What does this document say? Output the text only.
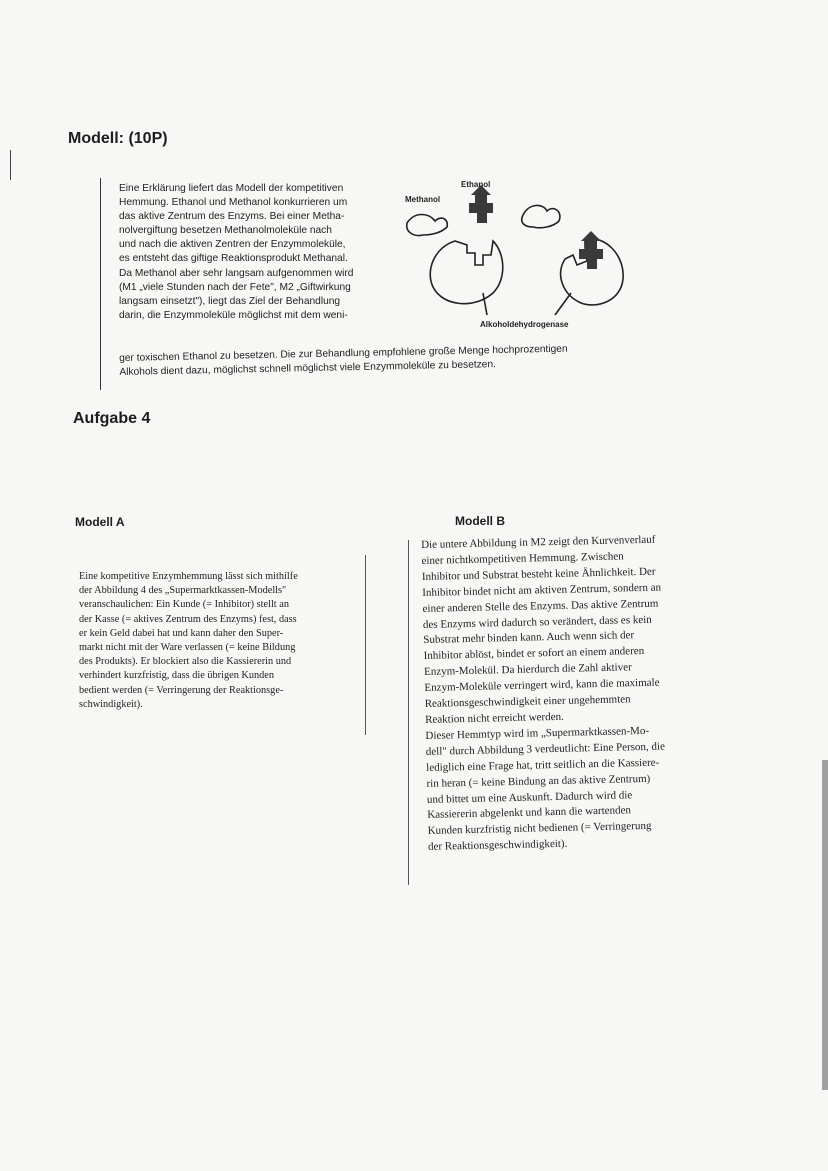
Modell: (10P)

Eine Erklärung liefert das Modell der kompetitiven
Hemmung. Ethanol und Methanol konkurrieren um
das aktive Zentrum des Enzyms. Bei einer Metha-
nolvergiftung besetzen Methanolmoleküle nach
und nach die aktiven Zentren der Enzymmoleküle,
es entsteht das giftige Reaktionsprodukt Methanal.
Da Methanol aber sehr langsam aufgenommen wird
(M1 „viele Stunden nach der Fete", M2 „Giftwirkung
langsam einsetzt"), liegt das Ziel der Behandlung
darin, die Enzymmoleküle möglichst mit dem weni-

ger toxischen Ethanol zu besetzen. Die zur Behandlung empfohlene große Menge hochprozentigen
Alkohols dient dazu, möglichst schnell möglichst viele Enzymmoleküle zu besetzen.

Ethanol
Methanol
Alkoholdehydrogenase
Aufgabe 4
Modell A

Eine kompetitive Enzymhemmung lässt sich mithilfe
der Abbildung 4 des „Supermarktkassen-Modells"
veranschaulichen: Ein Kunde (= Inhibitor) stellt an
der Kasse (= aktives Zentrum des Enzyms) fest, dass
er kein Geld dabei hat und kann daher den Super-
markt nicht mit der Ware verlassen (= keine Bildung
des Produkts). Er blockiert also die Kassiererin und
verhindert kurzfristig, dass die übrigen Kunden
bedient werden (= Verringerung der Reaktionsge-
schwindigkeit).

Modell B
Die untere Abbildung in M2 zeigt den Kurvenverlauf
einer nichtkompetitiven Hemmung. Zwischen
Inhibitor und Substrat besteht keine Ähnlichkeit. Der
Inhibitor bindet nicht am aktiven Zentrum, sondern an
einer anderen Stelle des Enzyms. Das aktive Zentrum
des Enzyms wird dadurch so verändert, dass es kein
Substrat mehr binden kann. Auch wenn sich der
Inhibitor ablöst, bindet er sofort an einem anderen
Enzym-Molekül. Da hierdurch die Zahl aktiver
Enzym-Moleküle verringert wird, kann die maximale
Reaktionsgeschwindigkeit einer ungehemmten
Reaktion nicht erreicht werden.
Dieser Hemmtyp wird im „Supermarktkassen-Mo-
dell" durch Abbildung 3 verdeutlicht: Eine Person, die
lediglich eine Frage hat, tritt seitlich an die Kassiere-
rin heran (= keine Bindung an das aktive Zentrum)
und bittet um eine Auskunft. Dadurch wird die
Kassiererin abgelenkt und kann die wartenden
Kunden kurzfristig nicht bedienen (= Verringerung
der Reaktionsgeschwindigkeit).
